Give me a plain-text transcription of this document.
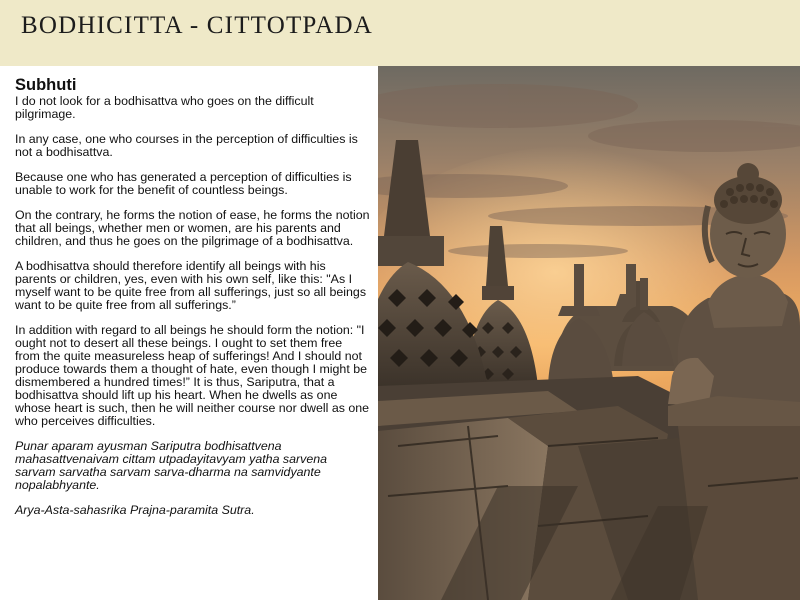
BODHICITTA - CITTOTPADA
Subhuti

I do not look for a bodhisattva who goes on the difficult pilgrimage.

In any case, one who courses in the perception of difficulties is not a bodhisattva.

Because one who has generated a perception of difficulties is unable to work for the benefit of countless beings.

On the contrary, he forms the notion of ease, he forms the notion that all beings, whether men or women, are his parents and children, and thus he goes on the pilgrimage of a bodhisattva.

A bodhisattva should therefore identify all beings with his parents or children, yes, even with his own self, like this: "As I myself want to be quite free from all sufferings, just so all beings want to be quite free from all sufferings.”

In addition with regard to all beings he should form the notion: "I ought not to desert all these beings. I ought to set them free from the quite measureless heap of sufferings! And I should not produce towards them a thought of hate, even though I might be dismembered a hundred times!” It is thus, Sariputra, that a bodhisattva should lift up his heart. When he dwells as one whose heart is such, then he will neither course nor dwell as one who perceives difficulties.

Punar aparam ayusman Sariputra bodhisattvena mahasattvenaivam cittam utpadayitavyam yatha sarvena sarvam sarvatha sarvam sarva-dharma na samvidyante nopalabhyante.

Arya-Asta-sahasrika Prajna-paramita Sutra.
